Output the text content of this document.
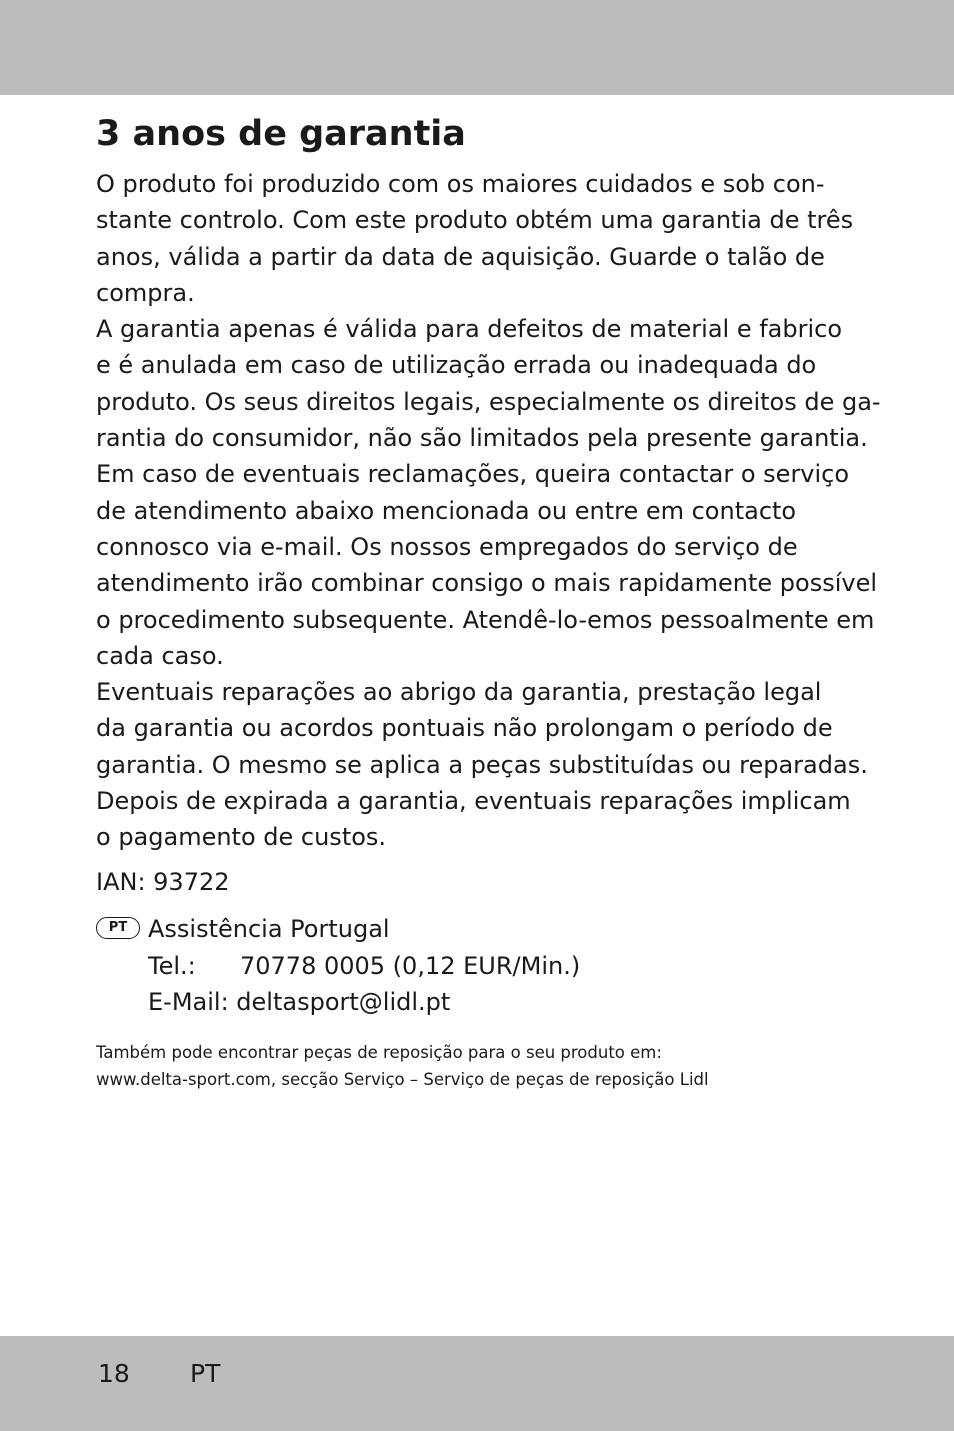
3 anos de garantia
O produto foi produzido com os maiores cuidados e sob con-
stante controlo. Com este produto obtém uma garantia de três
anos, válida a partir da data de aquisição. Guarde o talão de
compra.
A garantia apenas é válida para defeitos de material e fabrico
e é anulada em caso de utilização errada ou inadequada do
produto. Os seus direitos legais, especialmente os direitos de ga-
rantia do consumidor, não são limitados pela presente garantia.
Em caso de eventuais reclamações, queira contactar o serviço
de atendimento abaixo mencionada ou entre em contacto
connosco via e-mail. Os nossos empregados do serviço de
atendimento irão combinar consigo o mais rapidamente possível
o procedimento subsequente. Atendê-lo-emos pessoalmente em
cada caso.
Eventuais reparações ao abrigo da garantia, prestação legal
da garantia ou acordos pontuais não prolongam o período de
garantia. O mesmo se aplica a peças substituídas ou reparadas.
Depois de expirada a garantia, eventuais reparações implicam
o pagamento de custos.
IAN: 93722
PT Assistência Portugal
Tel.: 70778 0005 (0,12 EUR/Min.)
E-Mail: deltasport@lidl.pt
Também pode encontrar peças de reposição para o seu produto em:
www.delta-sport.com, secção Serviço – Serviço de peças de reposição Lidl
18 PT
